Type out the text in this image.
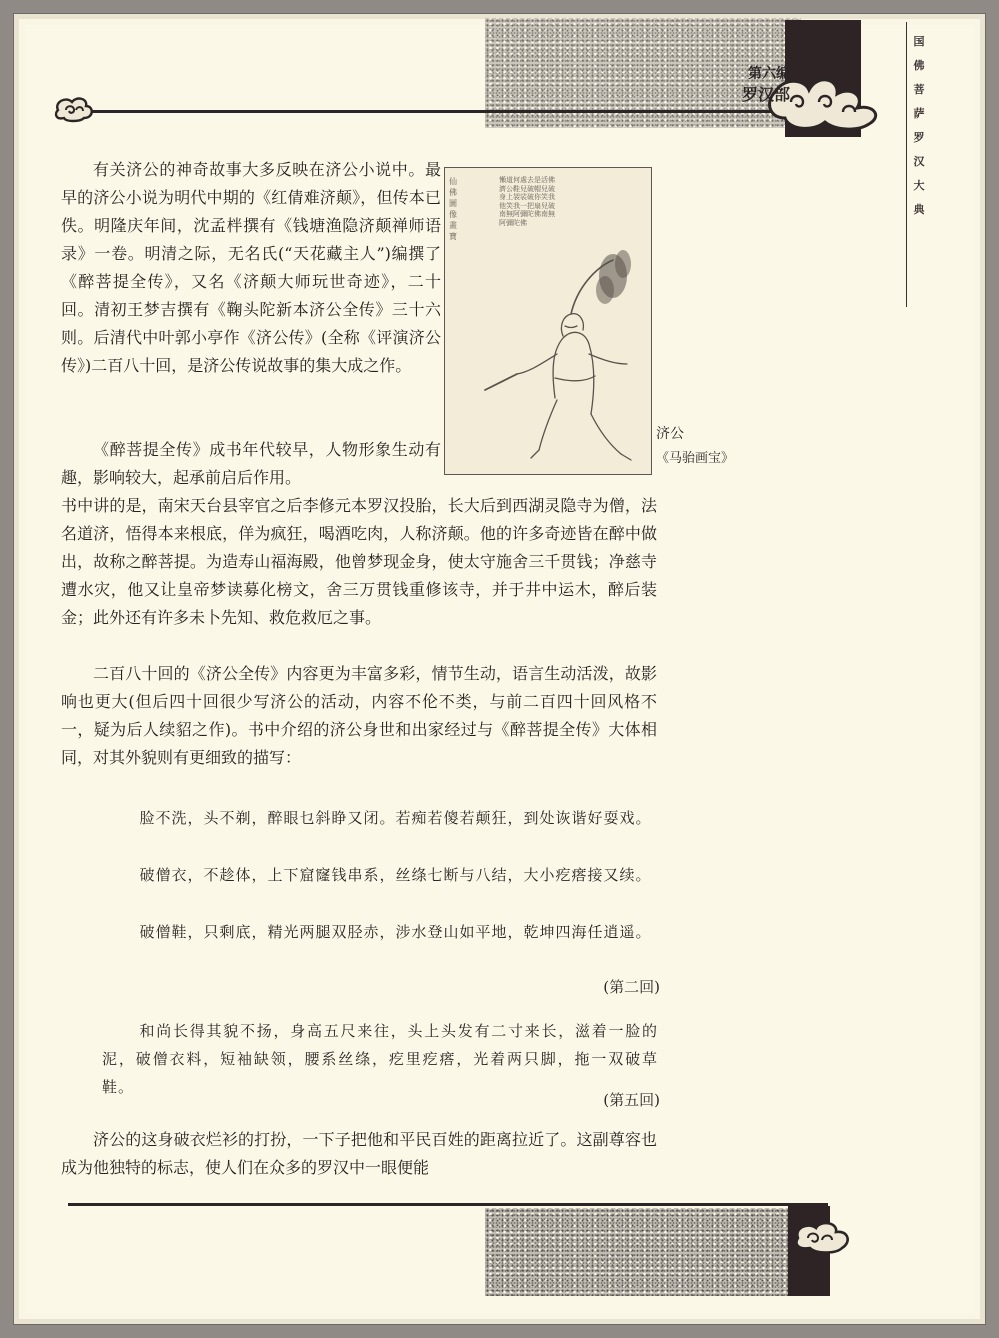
第六编
罗汉部
国
佛
菩
萨
罗
汉
大
典

有关济公的神奇故事大多反映在济公小说中。最早的济公小说为明代中期的《红倩难济颠》，但传本已佚。明隆庆年间，沈孟柈撰有《钱塘渔隐济颠禅师语录》一卷。明清之际，无名氏(“天花藏主人”)编撰了《醉菩提全传》，又名《济颠大师玩世奇迹》，二十回。清初王梦吉撰有《鞠头陀新本济公全传》三十六则。后清代中叶郭小亭作《济公传》(全称《评演济公传》)二百八十回，是济公传说故事的集大成之作。

《醉菩提全传》成书年代较早，人物形象生动有趣，影响较大，起承前启后作用。

书中讲的是，南宋天台县宰官之后李修元本罗汉投胎，长大后到西湖灵隐寺为僧，法名道济，悟得本来根底，佯为疯狂，喝酒吃肉，人称济颠。他的许多奇迹皆在醉中做出，故称之醉菩提。为造寿山福海殿，他曾梦现金身，使太守施舍三千贯钱；净慈寺遭水灾，他又让皇帝梦读募化榜文，舍三万贯钱重修该寺，并于井中运木，醉后装金；此外还有许多未卜先知、救危救厄之事。

二百八十回的《济公全传》内容更为丰富多彩，情节生动，语言生动活泼，故影响也更大(但后四十回很少写济公的活动，内容不伦不类，与前二百四十回风格不一，疑为后人续貂之作)。书中介绍的济公身世和出家经过与《醉菩提全传》大体相同，对其外貌则有更细致的描写：

脸不洗，头不剃，醉眼乜斜睁又闭。若痴若傻若颠狂，到处诙谐好耍戏。

破僧衣，不趁体，上下窟窿钱串系，丝绦七断与八结，大小疙瘩接又续。

破僧鞋，只剩底，精光两腿双胫赤，涉水登山如平地，乾坤四海任逍遥。

(第二回)

和尚长得其貌不扬，身高五尺来往，头上头发有二寸来长，滋着一脸的泥，破僧衣料，短袖缺领，腰系丝绦，疙里疙瘩，光着两只脚，拖一双破草鞋。

(第五回)

济公的这身破衣烂衫的打扮，一下子把他和平民百姓的距离拉近了。这副尊容也成为他独特的标志，使人们在众多的罗汉中一眼便能

仙佛圖像畫寶
懶道何處去是活佛濟公鞋兒破帽兒破身上袈裟破你笑我他笑我一把扇兒破南無阿彌陀佛南無阿彌陀佛
济公
《马骀画宝》
